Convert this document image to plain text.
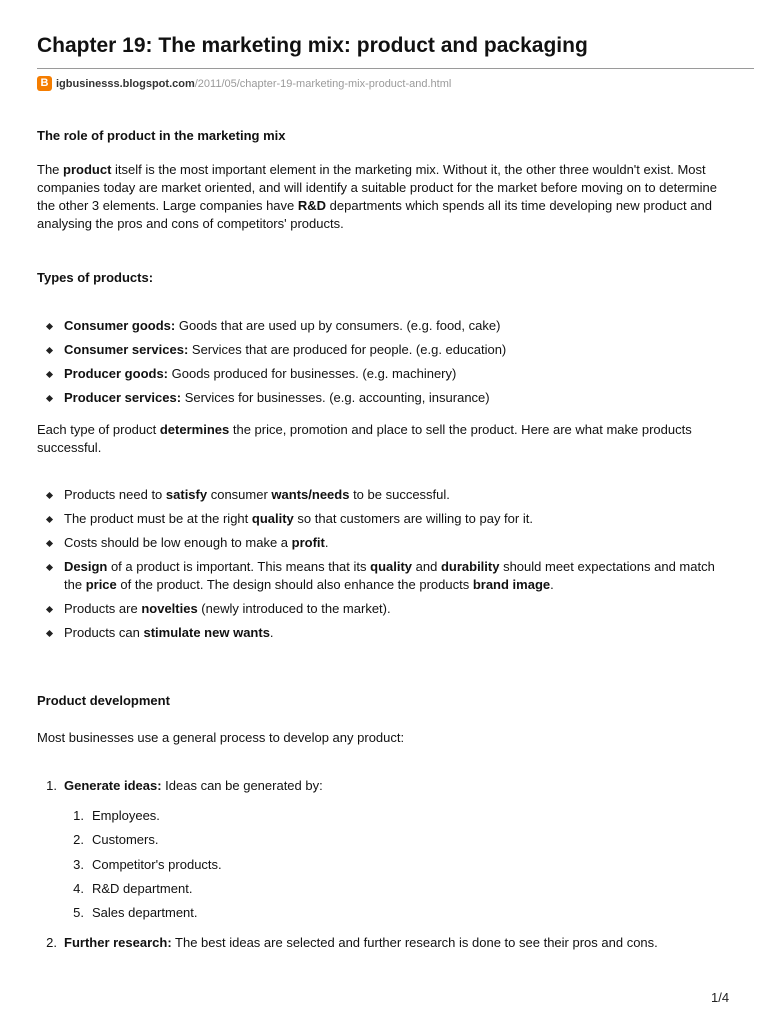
Chapter 19: The marketing mix: product and packaging
B igbusinesss.blogspot.com/2011/05/chapter-19-marketing-mix-product-and.html
The role of product in the marketing mix

The product itself is the most important element in the marketing mix. Without it, the other three wouldn't exist. Most companies today are market oriented, and will identify a suitable product for the market before moving on to determine the other 3 elements. Large companies have R&D departments which spends all its time developing new product and analysing the pros and cons of competitors' products.

Types of products:
Consumer goods: Goods that are used up by consumers. (e.g. food, cake)
Consumer services: Services that are produced for people. (e.g. education)
Producer goods: Goods produced for businesses. (e.g. machinery)
Producer services: Services for businesses. (e.g. accounting, insurance)

Each type of product determines the price, promotion and place to sell the product. Here are what make products successful.

Products need to satisfy consumer wants/needs to be successful.
The product must be at the right quality so that customers are willing to pay for it.
Costs should be low enough to make a profit.
Design of a product is important. This means that its quality and durability should meet expectations and match the price of the product. The design should also enhance the products brand image.
Products are novelties (newly introduced to the market).
Products can stimulate new wants.
Product development

Most businesses use a general process to develop any product:

1. Generate ideas: Ideas can be generated by:
1. Employees.
2. Customers.
3. Competitor's products.
4. R&D department.
5. Sales department.
2. Further research: The best ideas are selected and further research is done to see their pros and cons.
1/4
